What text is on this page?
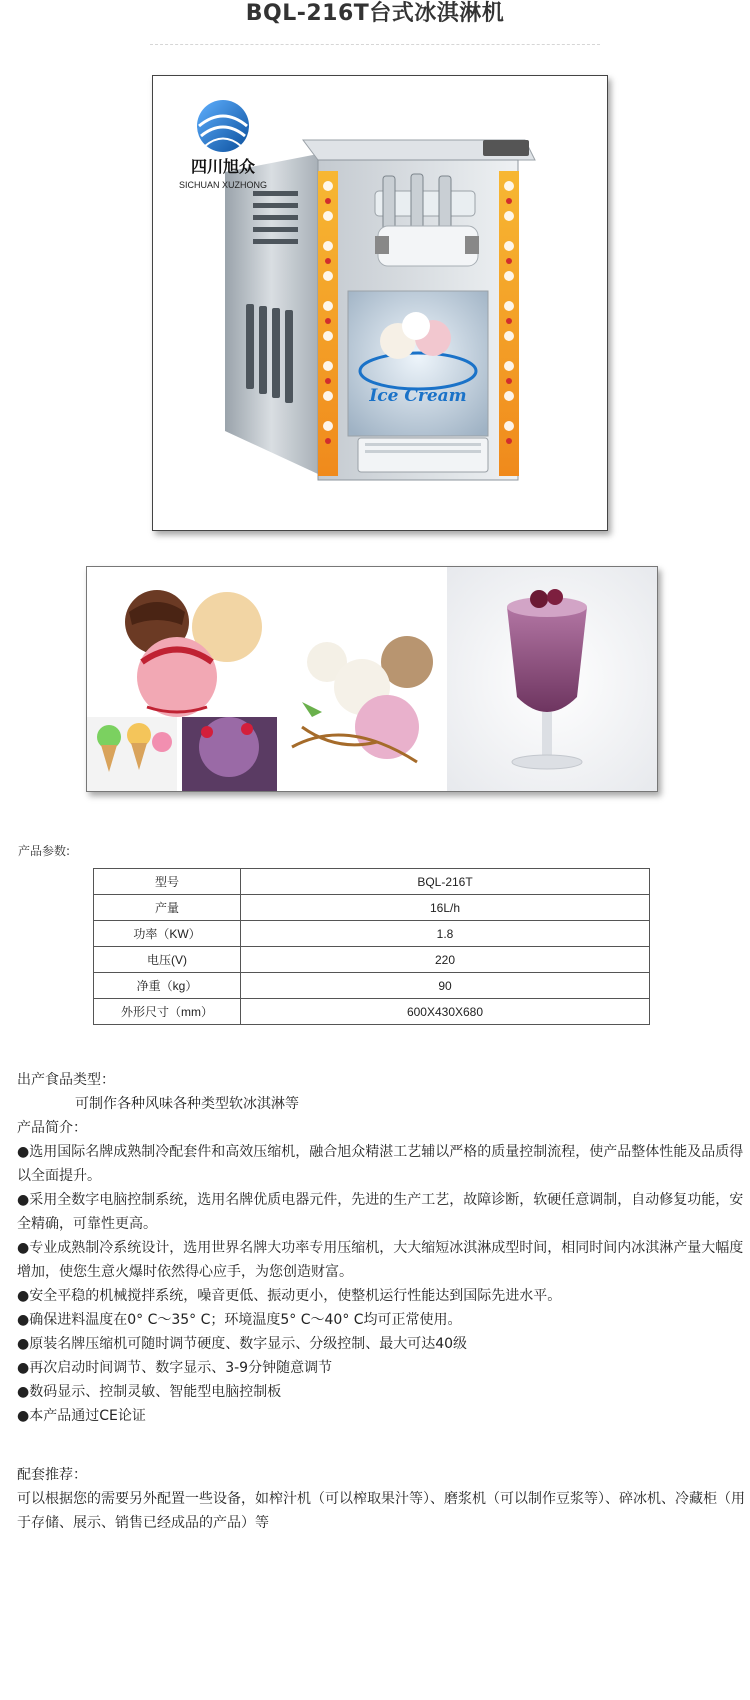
BQL-216T台式冰淇淋机
Ice Cream
四川旭众
SICHUAN XUZHONG
产品参数:
型号	BQL-216T
产量	16L/h
功率（KW）	1.8
电压(V)	220
净重（kg）	90
外形尺寸（mm）	600X430X680

出产食品类型：

可制作各种风味各种类型软冰淇淋等

产品简介：

●选用国际名牌成熟制冷配套件和高效压缩机，融合旭众精湛工艺辅以严格的质量控制流程，使产品整体性能及品质得以全面提升。

●采用全数字电脑控制系统，选用名牌优质电器元件，先进的生产工艺，故障诊断，软硬任意调制，自动修复功能，安全精确，可靠性更高。

●专业成熟制冷系统设计，选用世界名牌大功率专用压缩机，大大缩短冰淇淋成型时间，相同时间内冰淇淋产量大幅度增加，使您生意火爆时依然得心应手，为您创造财富。

●安全平稳的机械搅拌系统，噪音更低、振动更小，使整机运行性能达到国际先进水平。

●确保进料温度在0° C～35° C；环境温度5° C～40° C均可正常使用。

●原装名牌压缩机可随时调节硬度、数字显示、分级控制、最大可达40级

●再次启动时间调节、数字显示、3-9分钟随意调节

●数码显示、控制灵敏、智能型电脑控制板

●本产品通过CE论证

配套推荐：

可以根据您的需要另外配置一些设备，如榨汁机（可以榨取果汁等）、磨浆机（可以制作豆浆等）、碎冰机、冷藏柜（用于存储、展示、销售已经成品的产品）等
